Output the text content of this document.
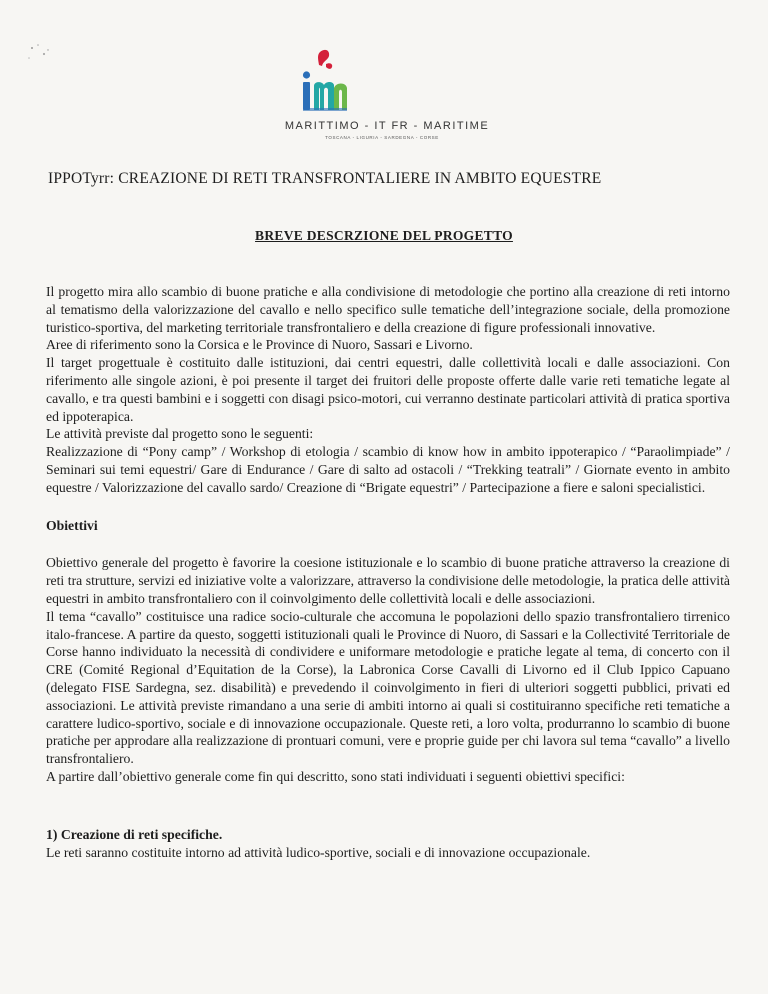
MARITTIMO - IT FR - MARITIME
TOSCANA - LIGURIA - SARDEGNA - CORSE
IPPOTyrr: CREAZIONE DI RETI TRANSFRONTALIERE IN AMBITO EQUESTRE
BREVE DESCRZIONE DEL PROGETTO

Il progetto mira allo scambio di buone pratiche e alla condivisione di metodologie che portino alla creazione di reti intorno al tematismo della valorizzazione del cavallo e nello specifico sulle tematiche dell’integrazione sociale, della promozione turistico-sportiva, del marketing territoriale transfrontaliero e della creazione di figure professionali innovative.

Aree di riferimento sono la Corsica e le Province di Nuoro, Sassari e Livorno.

Il target progettuale è costituito dalle istituzioni, dai centri equestri, dalle collettività locali e dalle associazioni. Con riferimento alle singole azioni, è poi presente il target dei fruitori delle proposte offerte dalle varie reti tematiche legate al cavallo, e tra questi bambini e i soggetti con disagi psico-motori, cui verranno destinate particolari attività di pratica sportiva ed ippoterapica.

Le attività previste dal progetto sono le seguenti:

Realizzazione di “Pony camp” / Workshop di etologia / scambio di know how in ambito ippoterapico / “Paraolimpiade” / Seminari sui temi equestri/ Gare di Endurance / Gare di salto ad ostacoli / “Trekking teatrali” / Giornate evento in ambito equestre / Valorizzazione del cavallo sardo/ Creazione di “Brigate equestri” / Partecipazione a fiere e saloni specialistici.

Obiettivi

Obiettivo generale del progetto è favorire la coesione istituzionale e lo scambio di buone pratiche attraverso la creazione di reti tra strutture, servizi ed iniziative volte a valorizzare, attraverso la condivisione delle metodologie, la pratica delle attività equestri in ambito transfrontaliero con il coinvolgimento delle collettività locali e delle associazioni.

Il tema “cavallo” costituisce una radice socio-culturale che accomuna le popolazioni dello spazio transfrontaliero tirrenico italo-francese. A partire da questo, soggetti istituzionali quali le Province di Nuoro, di Sassari e la Collectivité Territoriale de Corse hanno individuato la necessità di condividere e uniformare metodologie e pratiche legate al tema, di concerto con il CRE (Comité Regional d’Equitation de la Corse), la Labronica Corse Cavalli di Livorno ed il Club Ippico Capuano (delegato FISE Sardegna, sez. disabilità) e prevedendo il coinvolgimento in fieri di ulteriori soggetti pubblici, privati ed associazioni. Le attività previste rimandano a una serie di ambiti intorno ai quali si costituiranno specifiche reti tematiche a carattere ludico-sportivo, sociale e di innovazione occupazionale. Queste reti, a loro volta, produrranno lo scambio di buone pratiche per approdare alla realizzazione di prontuari comuni, vere e proprie guide per chi lavora sul tema “cavallo” a livello transfrontaliero.

A partire dall’obiettivo generale come fin qui descritto, sono stati individuati i seguenti obiettivi specifici:

1) Creazione di reti specifiche.

Le reti saranno costituite intorno ad attività ludico-sportive, sociali e di innovazione occupazionale.
